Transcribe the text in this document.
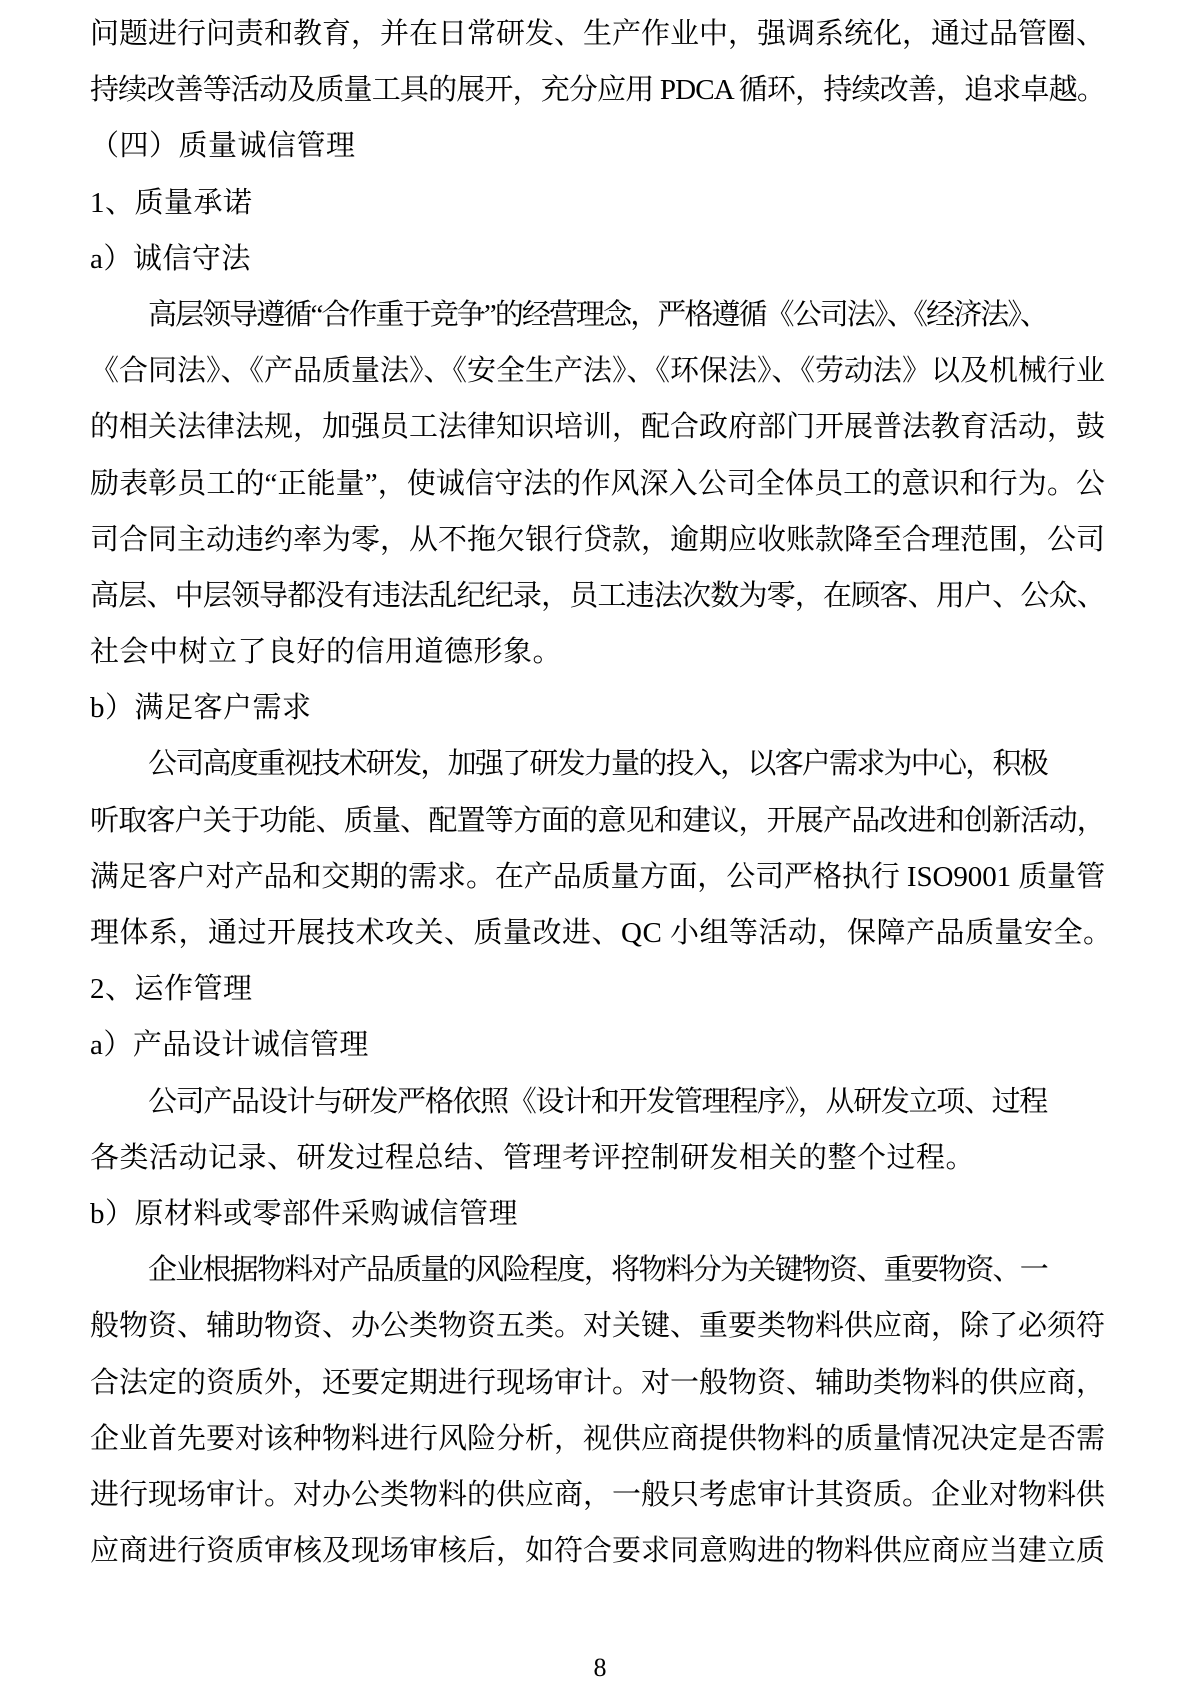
问题进行问责和教育，并在日常研发、生产作业中，强调系统化，通过品管圈、
持续改善等活动及质量工具的展开，充分应用 PDCA 循环，持续改善，追求卓越。
（四）质量诚信管理
1、质量承诺
a）诚信守法
高层领导遵循“合作重于竞争”的经营理念，严格遵循《公司法》、《经济法》、
《合同法》、《产品质量法》、《安全生产法》、《环保法》、《劳动法》以及机械行业
的相关法律法规，加强员工法律知识培训，配合政府部门开展普法教育活动，鼓
励表彰员工的“正能量”，使诚信守法的作风深入公司全体员工的意识和行为。公
司合同主动违约率为零，从不拖欠银行贷款，逾期应收账款降至合理范围，公司
高层、中层领导都没有违法乱纪纪录，员工违法次数为零，在顾客、用户、公众、
社会中树立了良好的信用道德形象。
b）满足客户需求
公司高度重视技术研发，加强了研发力量的投入，以客户需求为中心，积极
听取客户关于功能、质量、配置等方面的意见和建议，开展产品改进和创新活动，
满足客户对产品和交期的需求。在产品质量方面，公司严格执行 ISO9001 质量管
理体系，通过开展技术攻关、质量改进、QC 小组等活动，保障产品质量安全。
2、运作管理
a）产品设计诚信管理
公司产品设计与研发严格依照《设计和开发管理程序》，从研发立项、过程
各类活动记录、研发过程总结、管理考评控制研发相关的整个过程。
b）原材料或零部件采购诚信管理
企业根据物料对产品质量的风险程度，将物料分为关键物资、重要物资、一
般物资、辅助物资、办公类物资五类。对关键、重要类物料供应商，除了必须符
合法定的资质外，还要定期进行现场审计。对一般物资、辅助类物料的供应商，
企业首先要对该种物料进行风险分析，视供应商提供物料的质量情况决定是否需
进行现场审计。对办公类物料的供应商，一般只考虑审计其资质。企业对物料供
应商进行资质审核及现场审核后，如符合要求同意购进的物料供应商应当建立质
8
